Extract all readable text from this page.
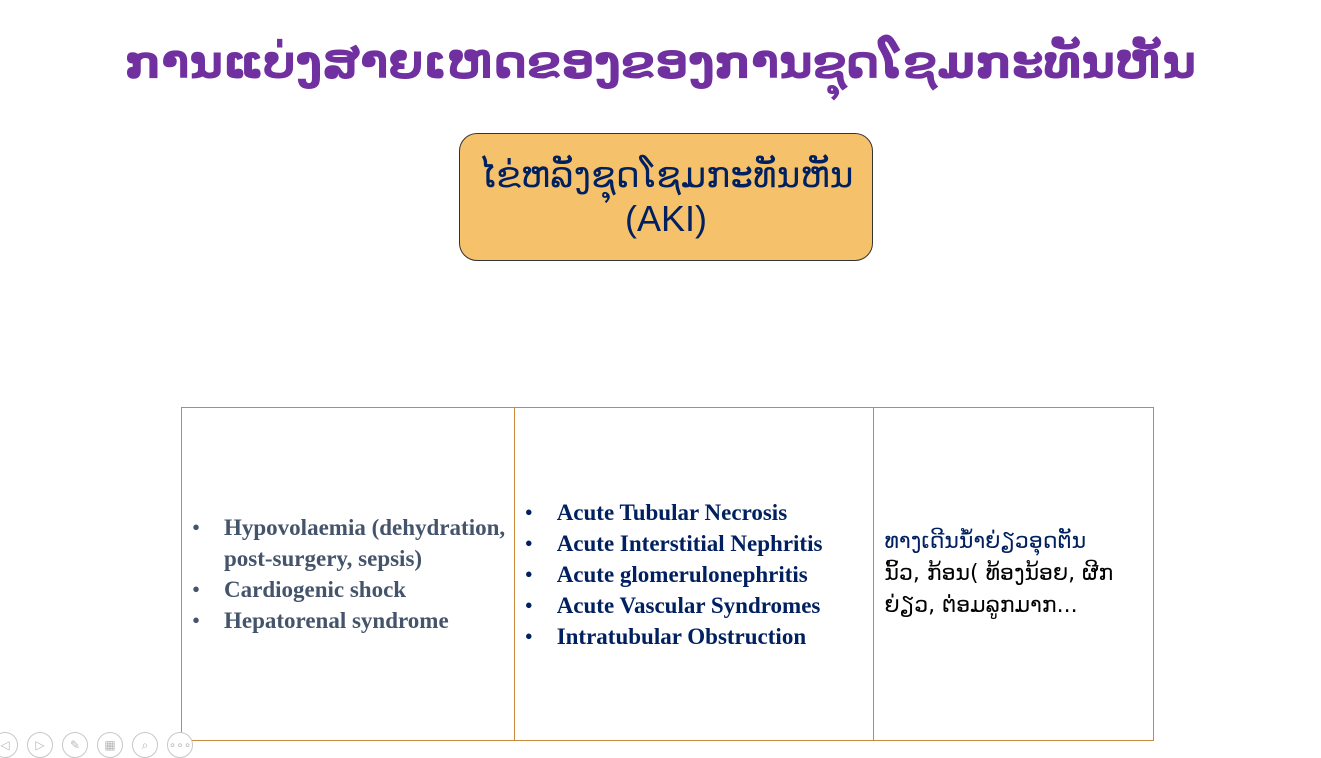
ການແບ່ງສາຍເຫດຂອງຂອງການຊຸດໂຊມກະທັນຫັນ
ໄຂ່ຫລັງຊຸດໂຊມກະທັນຫັນ
(AKI)
• Hypovolaemia (dehydration, post-surgery, sepsis)
• Cardiogenic shock
• Hepatorenal syndrome

• Acute Tubular Necrosis
• Acute Interstitial Nephritis
• Acute glomerulonephritis
• Acute Vascular Syndromes
• Intratubular Obstruction

ທາງເດີນນໍ້າຍ່ຽວອຸດຕັນ
ນິ້ວ, ກ້ອນ( ທ້ອງນ້ອຍ, ຜີກ
ຍ່ຽວ, ຕ່ອມລູກມາກ...
◁	▷	✎	▦	⌕	∘∘∘
